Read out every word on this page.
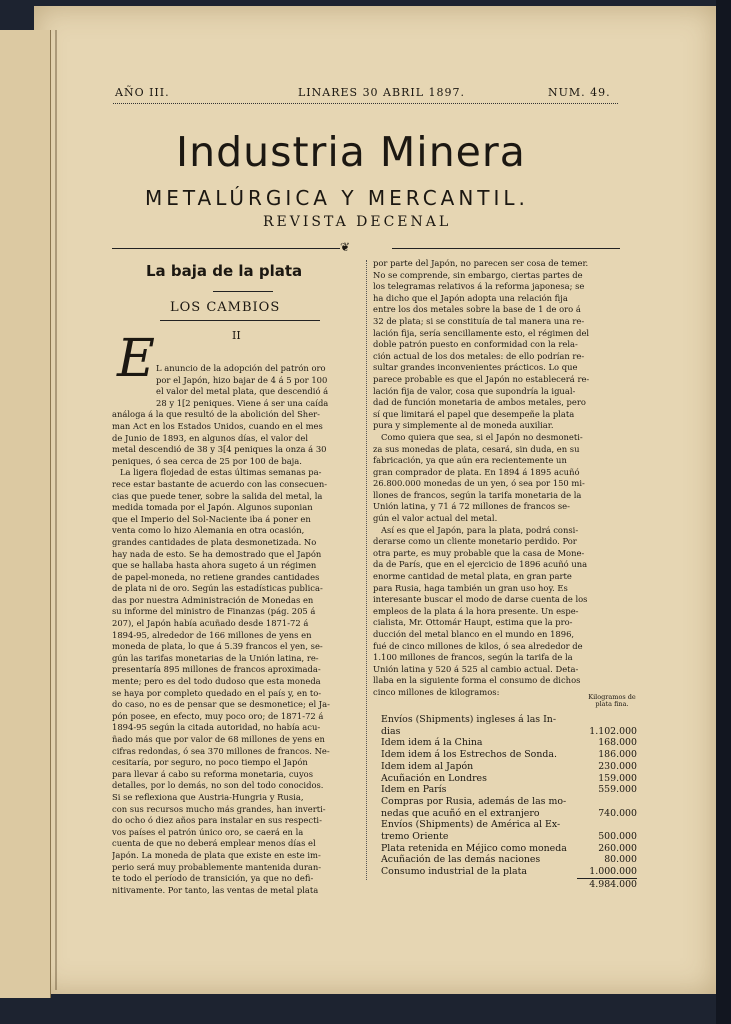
AÑO III.	LINARES 30 ABRIL 1897.	NUM. 49.
Industria Minera
METALÚRGICA Y MERCANTIL.
REVISTA DECENAL
❦
La baja de la plata
LOS CAMBIOS
II
E L anuncio de la adopción del patrón oro

por el Japón, hizo bajar de 4 á 5 por 100

el valor del metal plata, que descendió á

28 y 1[2 peniques. Viene á ser una caída

análoga á la que resultó de la abolición del Sher-

man Act en los Estados Unidos, cuando en el mes

de Junio de 1893, en algunos días, el valor del

metal descendió de 38 y 3[4 peniques la onza á 30

peniques, ó sea cerca de 25 por 100 de baja.

La ligera flojedad de estas últimas semanas pa-

rece estar bastante de acuerdo con las consecuen-

cias que puede tener, sobre la salida del metal, la

medida tomada por el Japón. Algunos suponian

que el Imperio del Sol-Naciente iba á poner en

venta como lo hizo Alemania en otra ocasión,

grandes cantidades de plata desmonetizada. No

hay nada de esto. Se ha demostrado que el Japón

que se hallaba hasta ahora sugeto á un régimen

de papel-moneda, no retiene grandes cantidades

de plata ni de oro. Según las estadísticas publica-

das por nuestra Administración de Monedas en

su informe del ministro de Finanzas (pág. 205 á

207), el Japón había acuñado desde 1871-72 á

1894-95, alrededor de 166 millones de yens en

moneda de plata, lo que á 5.39 francos el yen, se-

gún las tarifas monetarias de la Unión latina, re-

presentaría 895 millones de francos aproximada-

mente; pero es del todo dudoso que esta moneda

se haya por completo quedado en el país y, en to-

do caso, no es de pensar que se desmonetice; el Ja-

pón posee, en efecto, muy poco oro; de 1871-72 á

1894-95 según la citada autoridad, no había acu-

ñado más que por valor de 68 millones de yens en

cifras redondas, ó sea 370 millones de francos. Ne-

cesitaría, por seguro, no poco tiempo el Japón

para llevar á cabo su reforma monetaria, cuyos

detalles, por lo demás, no son del todo conocidos.

Si se reflexiona que Austria-Hungria y Rusia,

con sus recursos mucho más grandes, han inverti-

do ocho ó diez años para instalar en sus respecti-

vos países el patrón único oro, se caerá en la

cuenta de que no deberá emplear menos días el

Japón. La moneda de plata que existe en este im-

perio será muy probablemente mantenida duran-

te todo el período de transición, ya que no defi-

nitivamente. Por tanto, las ventas de metal plata

por parte del Japón, no parecen ser cosa de temer.

No se comprende, sin embargo, ciertas partes de

los telegramas relativos á la reforma japonesa; se

ha dicho que el Japón adopta una relación fija

entre los dos metales sobre la base de 1 de oro á

32 de plata; si se constituía de tal manera una re-

lación fija, sería sencillamente esto, el régimen del

doble patrón puesto en conformidad con la rela-

ción actual de los dos metales: de ello podrían re-

sultar grandes inconvenientes prácticos. Lo que

parece probable es que el Japón no establecerá re-

lación fija de valor, cosa que supondría la igual-

dad de función monetaria de ambos metales, pero

sí que limitará el papel que desempeñe la plata

pura y simplemente al de moneda auxiliar.

Como quiera que sea, si el Japón no desmoneti-

za sus monedas de plata, cesará, sin duda, en su

fabricación, ya que aún era recientemente un

gran comprador de plata. En 1894 á 1895 acuñó

26.800.000 monedas de un yen, ó sea por 150 mi-

llones de francos, según la tarifa monetaria de la

Unión latina, y 71 á 72 millones de francos se-

gún el valor actual del metal.

Así es que el Japón, para la plata, podrá consi-

derarse como un cliente monetario perdido. Por

otra parte, es muy probable que la casa de Mone-

da de París, que en el ejercicio de 1896 acuñó una

enorme cantidad de metal plata, en gran parte

para Rusia, haga también un gran uso hoy. Es

interesante buscar el modo de darse cuenta de los

empleos de la plata á la hora presente. Un espe-

cialista, Mr. Ottomár Haupt, estima que la pro-

ducción del metal blanco en el mundo en 1896,

fué de cinco millones de kilos, ó sea alrededor de

1.100 millones de francos, según la tarifa de la

Unión latina y 520 á 525 al cambio actual. Deta-

llaba en la siguiente forma el consumo de dichos

cinco millones de kilogramos:

Kilogramos de plata fina.
Envíos (Shipments) ingleses á las In-
dias	1.102.000
Idem idem á la China	168.000
Idem idem á los Estrechos de Sonda.	186.000
Idem idem al Japón	230.000
Acuñación en Londres	159.000
Idem en París	559.000
Compras por Rusia, además de las mo-
nedas que acuñó en el extranjero	740.000
Envíos (Shipments) de América al Ex-
tremo Oriente	500.000
Plata retenida en Méjico como moneda	260.000
Acuñación de las demás naciones	80.000
Consumo industrial de la plata	1.000.000
4.984.000
